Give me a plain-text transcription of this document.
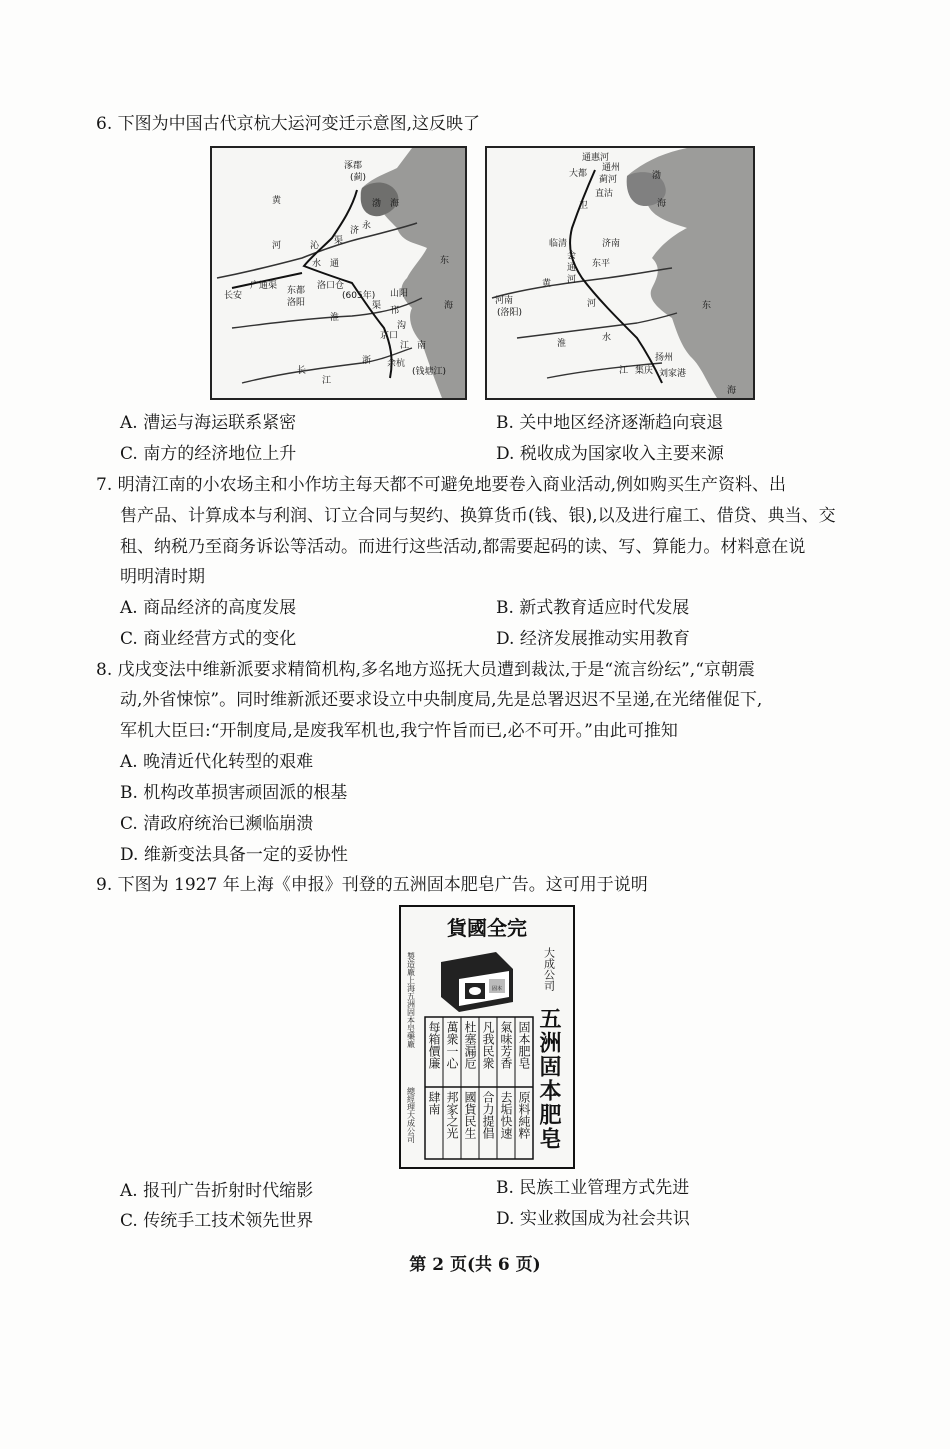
6. 下图为中国古代京杭大运河变迁示意图,这反映了
涿郡
(蓟)
渤 海
黄
永
济
河	沁 渠
水 通
长安
广通渠 东都 洛口仓
洛阳
(605年)
渠
山阳
邗
淮
沟
京口
江 南
余杭
(钱塘江)
长
浙
江
东
海
通惠河
通州
大都
蓟河
直沽
渤
海
卫
临清	济南
会
通
河
东平
黄
河南
(洛阳)
河
淮
水
东
江 集庆
扬州
刘家港
海
A. 漕运与海运联系紧密	B. 关中地区经济逐渐趋向衰退
C. 南方的经济地位上升	D. 税收成为国家收入主要来源
7. 明清江南的小农场主和小作坊主每天都不可避免地要卷入商业活动,例如购买生产资料、出
售产品、计算成本与利润、订立合同与契约、换算货币(钱、银),以及进行雇工、借贷、典当、交
租、纳税乃至商务诉讼等活动。而进行这些活动,都需要起码的读、写、算能力。材料意在说
明明清时期
A. 商品经济的高度发展	B. 新式教育适应时代发展
C. 商业经营方式的变化	D. 经济发展推动实用教育
8. 戊戌变法中维新派要求精简机构,多名地方巡抚大员遭到裁汰,于是“流言纷纭”,“京朝震
动,外省悚惊”。同时维新派还要求设立中央制度局,先是总署迟迟不呈递,在光绪催促下,
军机大臣曰:“开制度局,是废我军机也,我宁忤旨而已,必不可开。”由此可推知
A. 晚清近代化转型的艰难
B. 机构改革损害顽固派的根基
C. 清政府统治已濒临崩溃
D. 维新变法具备一定的妥协性
9. 下图为 1927 年上海《申报》刊登的五洲固本肥皂广告。这可用于说明
貨國全完
製造廠上海五洲固本皂藥廠
總經理大成公司
固本	大成公司
五洲固本肥皂
每箱價廉 萬衆一心 杜塞漏卮 凡我民衆 氣味芳香 固本肥皂
肆南 邦家之光 國貨民生 合力提倡 去垢快速 原料純粹
A. 报刊广告折射时代缩影	B. 民族工业管理方式先进
C. 传统手工技术领先世界	D. 实业救国成为社会共识
第 2 页(共 6 页)
